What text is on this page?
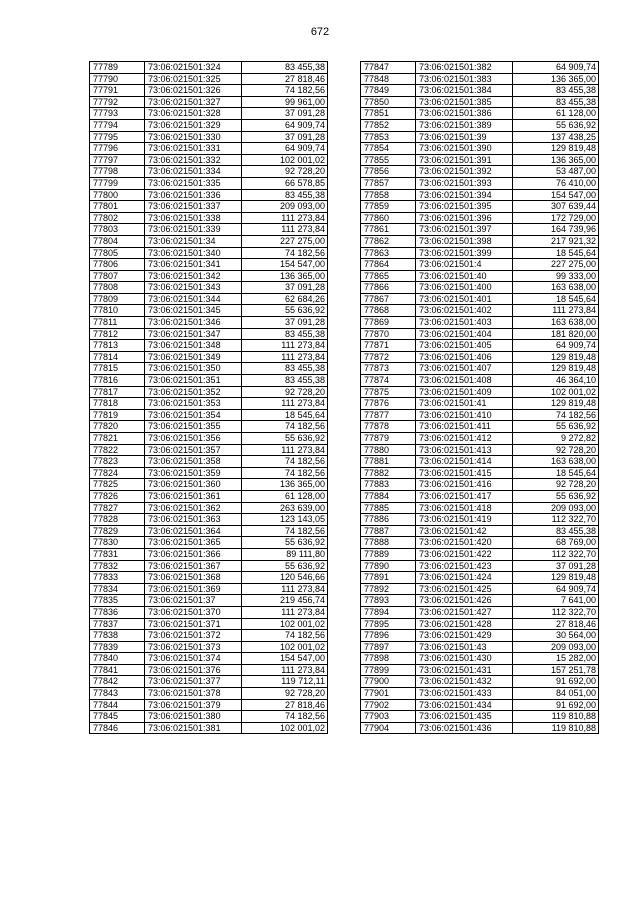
672
77789	73:06:021501:324	83 455,38
77790	73:06:021501:325	27 818,46
77791	73:06:021501:326	74 182,56
77792	73:06:021501:327	99 961,00
77793	73:06:021501:328	37 091,28
77794	73:06:021501:329	64 909,74
77795	73:06:021501:330	37 091,28
77796	73:06:021501:331	64 909,74
77797	73:06:021501:332	102 001,02
77798	73:06:021501:334	92 728,20
77799	73:06:021501:335	66 578,85
77800	73:06:021501:336	83 455,38
77801	73:06:021501:337	209 093,00
77802	73:06:021501:338	111 273,84
77803	73:06:021501:339	111 273,84
77804	73:06:021501:34	227 275,00
77805	73:06:021501:340	74 182,56
77806	73:06:021501:341	154 547,00
77807	73:06:021501:342	136 365,00
77808	73:06:021501:343	37 091,28
77809	73:06:021501:344	62 684,26
77810	73:06:021501:345	55 636,92
77811	73:06:021501:346	37 091,28
77812	73:06:021501:347	83 455,38
77813	73:06:021501:348	111 273,84
77814	73:06:021501:349	111 273,84
77815	73:06:021501:350	83 455,38
77816	73:06:021501:351	83 455,38
77817	73:06:021501:352	92 728,20
77818	73:06:021501:353	111 273,84
77819	73:06:021501:354	18 545,64
77820	73:06:021501:355	74 182,56
77821	73:06:021501:356	55 636,92
77822	73:06:021501:357	111 273,84
77823	73:06:021501:358	74 182,56
77824	73:06:021501:359	74 182,56
77825	73:06:021501:360	136 365,00
77826	73:06:021501:361	61 128,00
77827	73:06:021501:362	263 639,00
77828	73:06:021501:363	123 143,05
77829	73:06:021501:364	74 182,56
77830	73:06:021501:365	55 636,92
77831	73:06:021501:366	89 111,80
77832	73:06:021501:367	55 636,92
77833	73:06:021501:368	120 546,66
77834	73:06:021501:369	111 273,84
77835	73:06:021501:37	219 456,74
77836	73:06:021501:370	111 273,84
77837	73:06:021501:371	102 001,02
77838	73:06:021501:372	74 182,56
77839	73:06:021501:373	102 001,02
77840	73:06:021501:374	154 547,00
77841	73:06:021501:376	111 273,84
77842	73:06:021501:377	119 712,11
77843	73:06:021501:378	92 728,20
77844	73:06:021501:379	27 818,46
77845	73:06:021501:380	74 182,56
77846	73:06:021501:381	102 001,02
77847	73:06:021501:382	64 909,74
77848	73:06:021501:383	136 365,00
77849	73:06:021501:384	83 455,38
77850	73:06:021501:385	83 455,38
77851	73:06:021501:386	61 128,00
77852	73:06:021501:389	55 636,92
77853	73:06:021501:39	137 438,25
77854	73:06:021501:390	129 819,48
77855	73:06:021501:391	136 365,00
77856	73:06:021501:392	53 487,00
77857	73:06:021501:393	76 410,00
77858	73:06:021501:394	154 547,00
77859	73:06:021501:395	307 639,44
77860	73:06:021501:396	172 729,00
77861	73:06:021501:397	164 739,96
77862	73:06:021501:398	217 921,32
77863	73:06:021501:399	18 545,64
77864	73:06:021501:4	227 275,00
77865	73:06:021501:40	99 333,00
77866	73:06:021501:400	163 638,00
77867	73:06:021501:401	18 545,64
77868	73:06:021501:402	111 273,84
77869	73:06:021501:403	163 638,00
77870	73:06:021501:404	181 820,00
77871	73:06:021501:405	64 909,74
77872	73:06:021501:406	129 819,48
77873	73:06:021501:407	129 819,48
77874	73:06:021501:408	46 364,10
77875	73:06:021501:409	102 001,02
77876	73:06:021501:41	129 819,48
77877	73:06:021501:410	74 182,56
77878	73:06:021501:411	55 636,92
77879	73:06:021501:412	9 272,82
77880	73:06:021501:413	92 728,20
77881	73:06:021501:414	163 638,00
77882	73:06:021501:415	18 545,64
77883	73:06:021501:416	92 728,20
77884	73:06:021501:417	55 636,92
77885	73:06:021501:418	209 093,00
77886	73:06:021501:419	112 322,70
77887	73:06:021501:42	83 455,38
77888	73:06:021501:420	68 769,00
77889	73:06:021501:422	112 322,70
77890	73:06:021501:423	37 091,28
77891	73:06:021501:424	129 819,48
77892	73:06:021501:425	64 909,74
77893	73:06:021501:426	7 641,00
77894	73:06:021501:427	112 322,70
77895	73:06:021501:428	27 818,46
77896	73:06:021501:429	30 564,00
77897	73:06:021501:43	209 093,00
77898	73:06:021501:430	15 282,00
77899	73:06:021501:431	157 251,78
77900	73:06:021501:432	91 692,00
77901	73:06:021501:433	84 051,00
77902	73:06:021501:434	91 692,00
77903	73:06:021501:435	119 810,88
77904	73:06:021501:436	119 810,88
